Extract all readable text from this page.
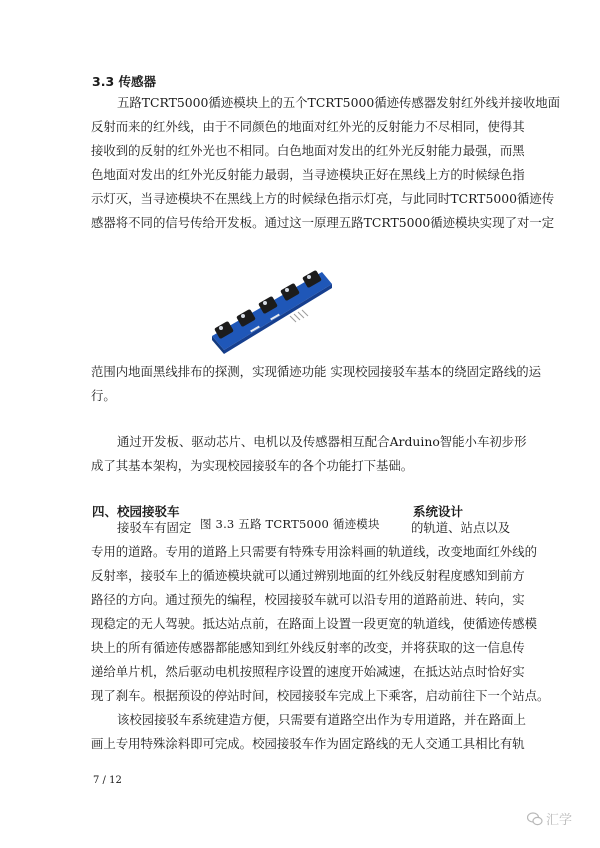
3.3 传感器
五路TCRT5000循迹模块上的五个TCRT5000循迹传感器发射红外线并接收地面
反射而来的红外线，由于不同颜色的地面对红外光的反射能力不尽相同，使得其
接收到的反射的红外光也不相同。白色地面对发出的红外光反射能力最强，而黑
色地面对发出的红外光反射能力最弱，当寻迹模块正好在黑线上方的时候绿色指
示灯灭，当寻迹模块不在黑线上方的时候绿色指示灯亮，与此同时TCRT5000循迹传
感器将不同的信号传给开发板。通过这一原理五路TCRT5000循迹模块实现了对一定
范围内地面黑线排布的探测，实现循迹功能 实现校园接驳车基本的绕固定路线的运
行。
通过开发板、驱动芯片、电机以及传感器相互配合Arduino智能小车初步形
成了其基本架构，为实现校园接驳车的各个功能打下基础。
四、校园接驳车	系统设计
接驳车有固定 图 3.3 五路 TCRT5000 循迹模块	的轨道、站点以及
专用的道路。专用的道路上只需要有特殊专用涂料画的轨道线，改变地面红外线的
反射率，接驳车上的循迹模块就可以通过辨别地面的红外线反射程度感知到前方
路径的方向。通过预先的编程，校园接驳车就可以沿专用的道路前进、转向，实
现稳定的无人驾驶。抵达站点前，在路面上设置一段更宽的轨道线，使循迹传感模
块上的所有循迹传感器都能感知到红外线反射率的改变，并将获取的这一信息传
递给单片机，然后驱动电机按照程序设置的速度开始减速，在抵达站点时恰好实
现了刹车。根据预设的停站时间，校园接驳车完成上下乘客，启动前往下一个站点。
该校园接驳车系统建造方便，只需要有道路空出作为专用道路，并在路面上
画上专用特殊涂料即可完成。校园接驳车作为固定路线的无人交通工具相比有轨
7 / 12
汇学
